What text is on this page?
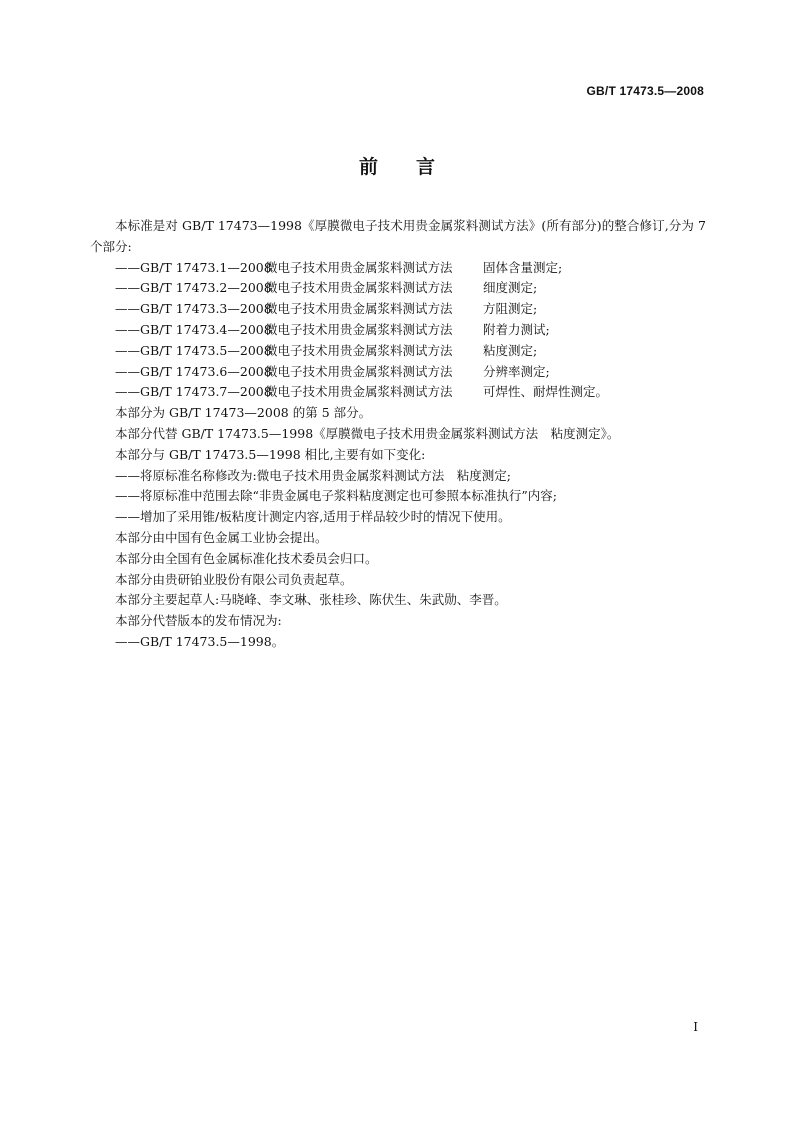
GB/T 17473.5—2008
前 言

本标准是对 GB/T 17473—1998《厚膜微电子技术用贵金属浆料测试方法》(所有部分)的整合修订,分为 7 个部分:

——GB/T 17473.1—2008微电子技术用贵金属浆料测试方法 固体含量测定;
——GB/T 17473.2—2008微电子技术用贵金属浆料测试方法 细度测定;
——GB/T 17473.3—2008微电子技术用贵金属浆料测试方法 方阻测定;
——GB/T 17473.4—2008微电子技术用贵金属浆料测试方法 附着力测试;
——GB/T 17473.5—2008微电子技术用贵金属浆料测试方法 粘度测定;
——GB/T 17473.6—2008微电子技术用贵金属浆料测试方法 分辨率测定;
——GB/T 17473.7—2008微电子技术用贵金属浆料测试方法 可焊性、耐焊性测定。

本部分为 GB/T 17473—2008 的第 5 部分。

本部分代替 GB/T 17473.5—1998《厚膜微电子技术用贵金属浆料测试方法　粘度测定》。

本部分与 GB/T 17473.5—1998 相比,主要有如下变化:

——将原标准名称修改为:微电子技术用贵金属浆料测试方法　粘度测定;

——将原标准中范围去除“非贵金属电子浆料粘度测定也可参照本标准执行”内容;

——增加了采用锥/板粘度计测定内容,适用于样品较少时的情况下使用。

本部分由中国有色金属工业协会提出。

本部分由全国有色金属标准化技术委员会归口。

本部分由贵研铂业股份有限公司负责起草。

本部分主要起草人:马晓峰、李文琳、张桂珍、陈伏生、朱武勋、李晋。

本部分代替版本的发布情况为:

——GB/T 17473.5—1998。

I
